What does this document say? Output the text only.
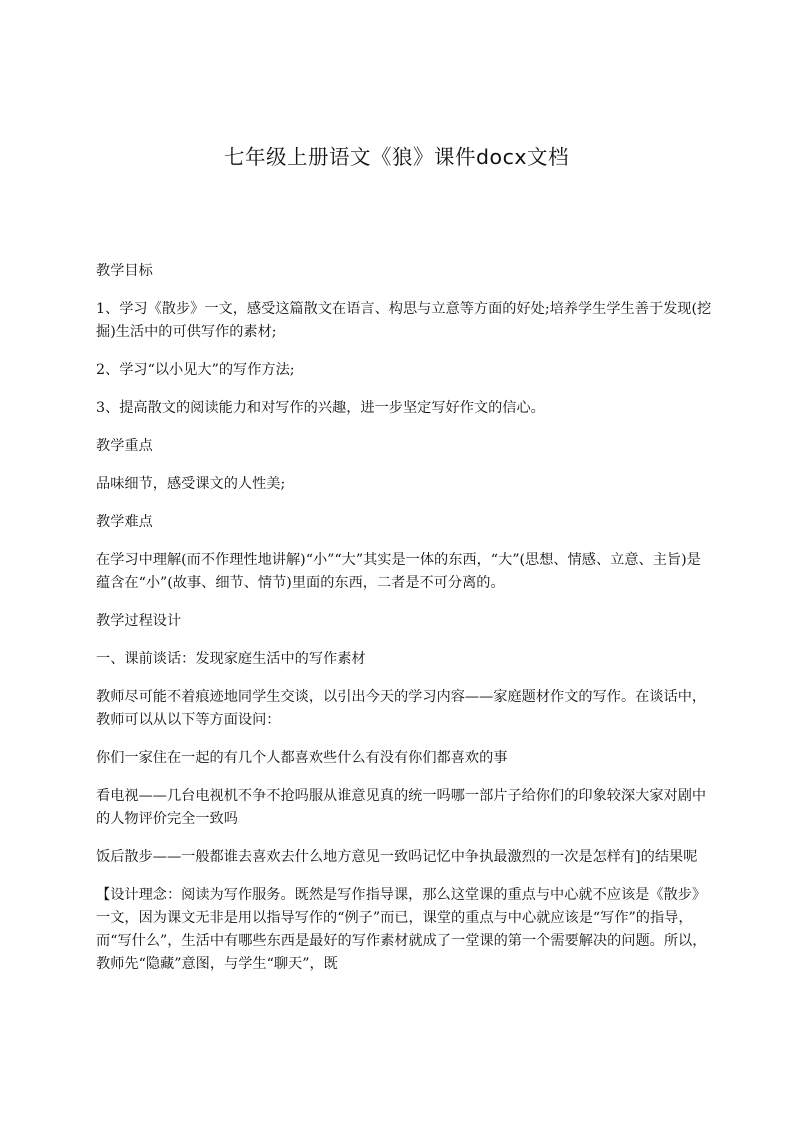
七年级上册语文《狼》课件docx文档

教学目标

1、学习《散步》一文，感受这篇散文在语言、构思与立意等方面的好处;培养学生学生善于发现(挖掘)生活中的可供写作的素材;

2、学习“以小见大”的写作方法;

3、提高散文的阅读能力和对写作的兴趣，进一步坚定写好作文的信心。

教学重点

品味细节，感受课文的人性美;

教学难点

在学习中理解(而不作理性地讲解)“小”“大”其实是一体的东西，“大”(思想、情感、立意、主旨)是蕴含在“小”(故事、细节、情节)里面的东西，二者是不可分离的。

教学过程设计

一、课前谈话：发现家庭生活中的写作素材

教师尽可能不着痕迹地同学生交谈，以引出今天的学习内容——家庭题材作文的写作。在谈话中，教师可以从以下等方面设问：

你们一家住在一起的有几个人都喜欢些什么有没有你们都喜欢的事

看电视——几台电视机不争不抢吗服从谁意见真的统一吗哪一部片子给你们的印象较深大家对剧中的人物评价完全一致吗

饭后散步——一般都谁去喜欢去什么地方意见一致吗记忆中争执最激烈的一次是怎样有]的结果呢

【设计理念：阅读为写作服务。既然是写作指导课，那么这堂课的重点与中心就不应该是《散步》一文，因为课文无非是用以指导写作的“例子”而已，课堂的重点与中心就应该是“写作”的指导，而“写什么”，生活中有哪些东西是最好的写作素材就成了一堂课的第一个需要解决的问题。所以，教师先“隐藏”意图，与学生“聊天”，既
